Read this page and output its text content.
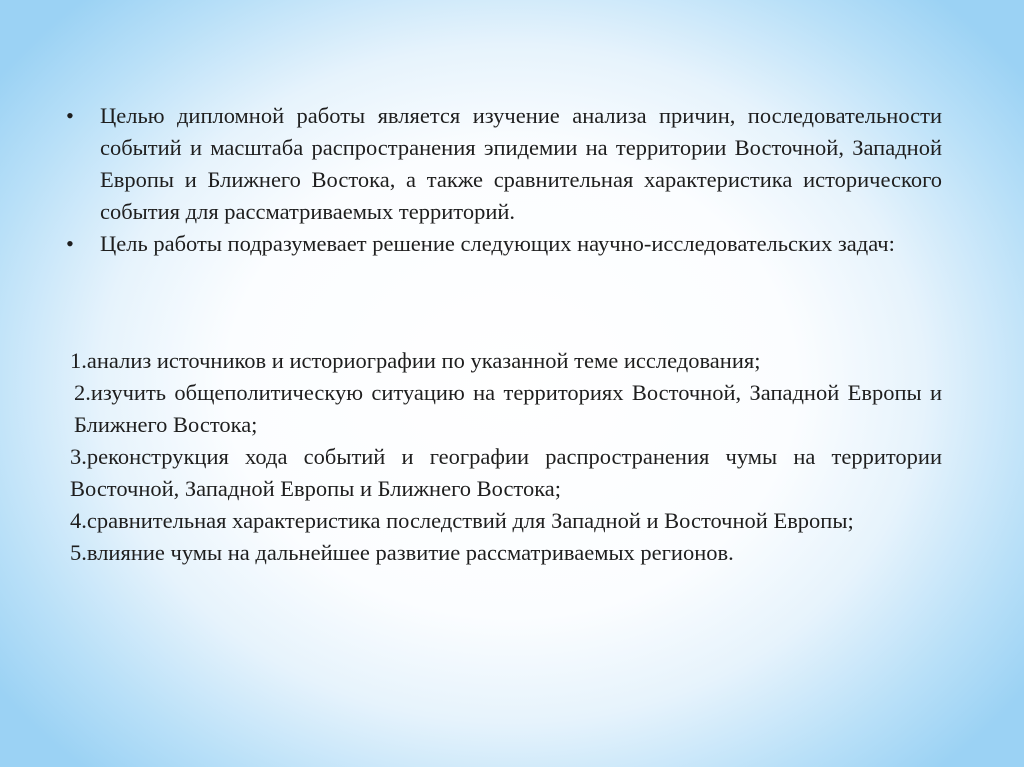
•	Целью дипломной работы является изучение анализа причин, последовательности событий и масштаба распространения эпидемии на территории Восточной, Западной Европы и Ближнего Востока, а также сравнительная характеристика исторического события для рассматриваемых территорий.
•	Цель работы подразумевает решение следующих научно-исследовательских задач:
1.анализ источников и историографии по указанной теме исследования;
2.изучить общеполитическую ситуацию на территориях Восточной, Западной Европы и Ближнего Востока;
3.реконструкция хода событий и географии распространения чумы на территории Восточной, Западной Европы и Ближнего Востока;
4.сравнительная характеристика последствий для Западной и Восточной Европы;
5.влияние чумы на дальнейшее развитие рассматриваемых регионов.
